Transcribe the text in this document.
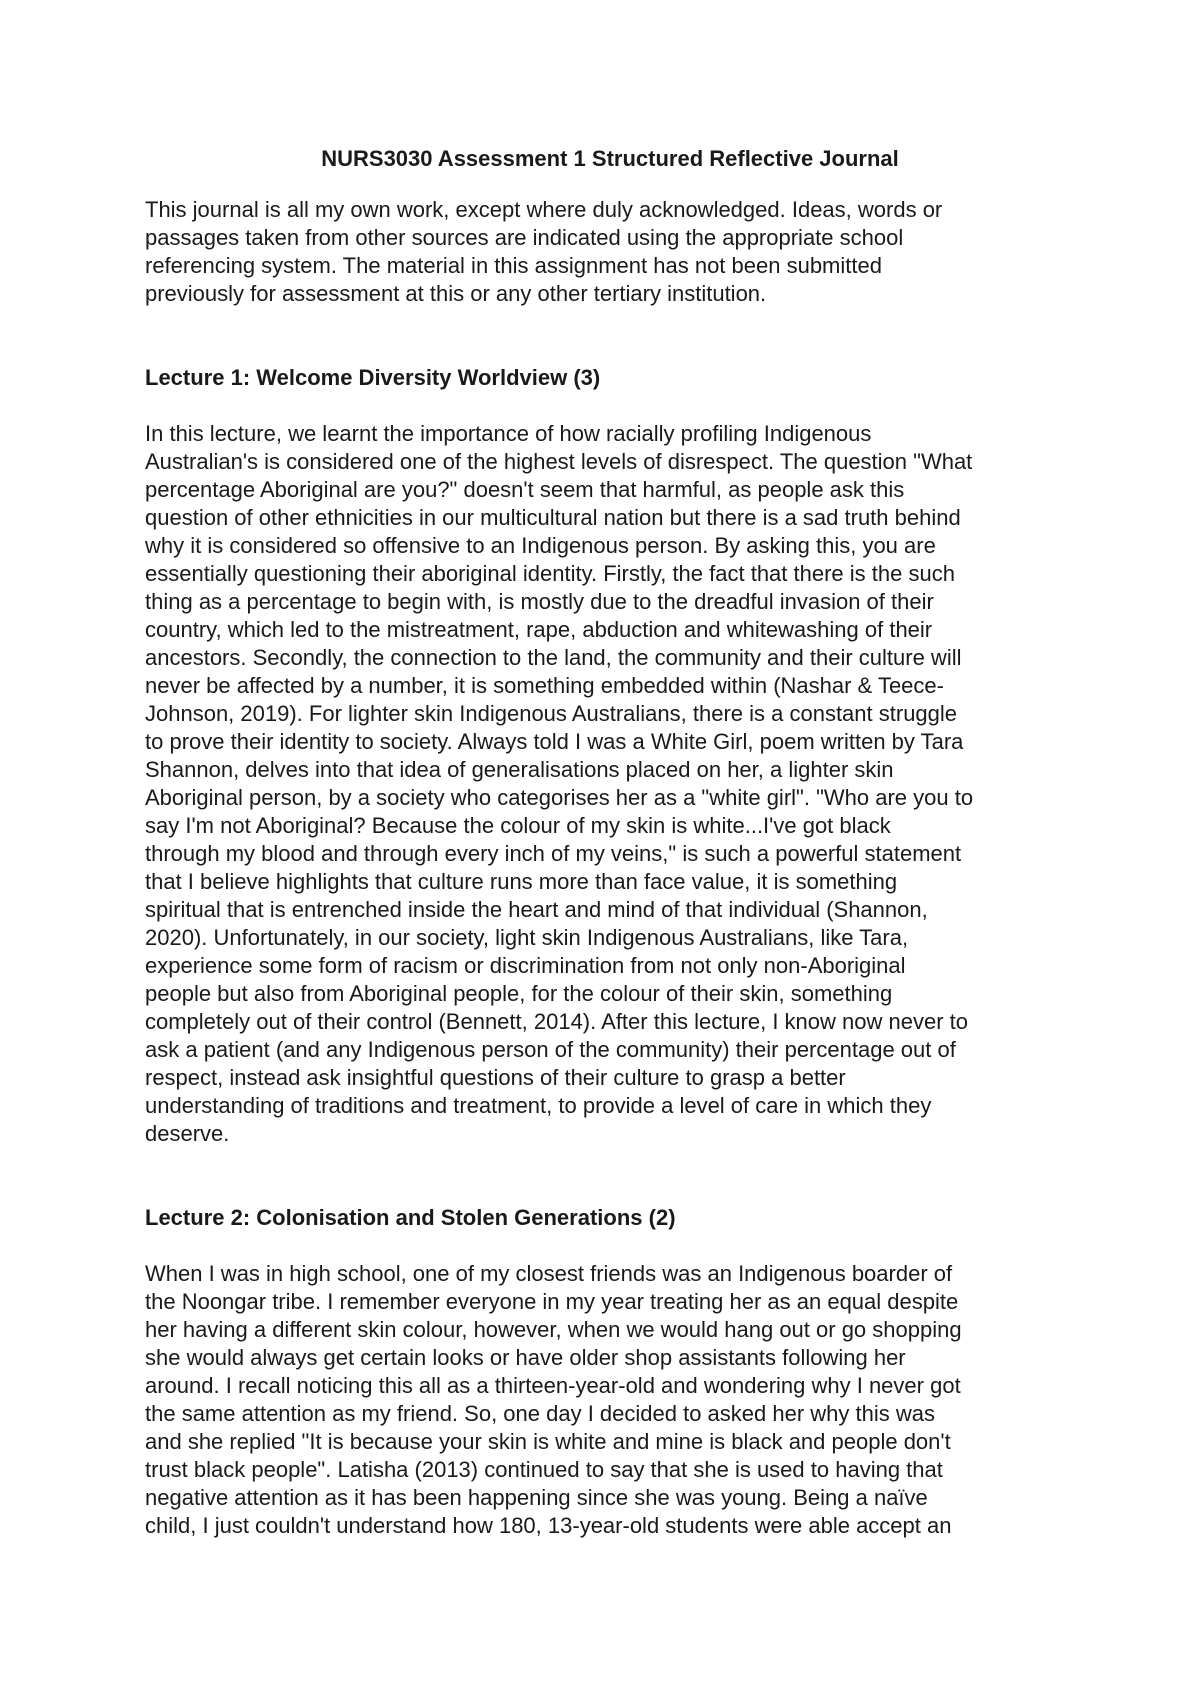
NURS3030 Assessment 1 Structured Reflective Journal

This journal is all my own work, except where duly acknowledged. Ideas, words or
passages taken from other sources are indicated using the appropriate school
referencing system. The material in this assignment has not been submitted
previously for assessment at this or any other tertiary institution.

Lecture 1: Welcome Diversity Worldview (3)

In this lecture, we learnt the importance of how racially profiling Indigenous
Australian's is considered one of the highest levels of disrespect. The question "What
percentage Aboriginal are you?" doesn't seem that harmful, as people ask this
question of other ethnicities in our multicultural nation but there is a sad truth behind
why it is considered so offensive to an Indigenous person. By asking this, you are
essentially questioning their aboriginal identity. Firstly, the fact that there is the such
thing as a percentage to begin with, is mostly due to the dreadful invasion of their
country, which led to the mistreatment, rape, abduction and whitewashing of their
ancestors. Secondly, the connection to the land, the community and their culture will
never be affected by a number, it is something embedded within (Nashar & Teece-
Johnson, 2019). For lighter skin Indigenous Australians, there is a constant struggle
to prove their identity to society. Always told I was a White Girl, poem written by Tara
Shannon, delves into that idea of generalisations placed on her, a lighter skin
Aboriginal person, by a society who categorises her as a "white girl". "Who are you to
say I'm not Aboriginal? Because the colour of my skin is white...I've got black
through my blood and through every inch of my veins," is such a powerful statement
that I believe highlights that culture runs more than face value, it is something
spiritual that is entrenched inside the heart and mind of that individual (Shannon,
2020). Unfortunately, in our society, light skin Indigenous Australians, like Tara,
experience some form of racism or discrimination from not only non-Aboriginal
people but also from Aboriginal people, for the colour of their skin, something
completely out of their control (Bennett, 2014). After this lecture, I know now never to
ask a patient (and any Indigenous person of the community) their percentage out of
respect, instead ask insightful questions of their culture to grasp a better
understanding of traditions and treatment, to provide a level of care in which they
deserve.

Lecture 2: Colonisation and Stolen Generations (2)

When I was in high school, one of my closest friends was an Indigenous boarder of
the Noongar tribe. I remember everyone in my year treating her as an equal despite
her having a different skin colour, however, when we would hang out or go shopping
she would always get certain looks or have older shop assistants following her
around. I recall noticing this all as a thirteen-year-old and wondering why I never got
the same attention as my friend. So, one day I decided to asked her why this was
and she replied "It is because your skin is white and mine is black and people don't
trust black people". Latisha (2013) continued to say that she is used to having that
negative attention as it has been happening since she was young. Being a naïve
child, I just couldn't understand how 180, 13-year-old students were able accept an
